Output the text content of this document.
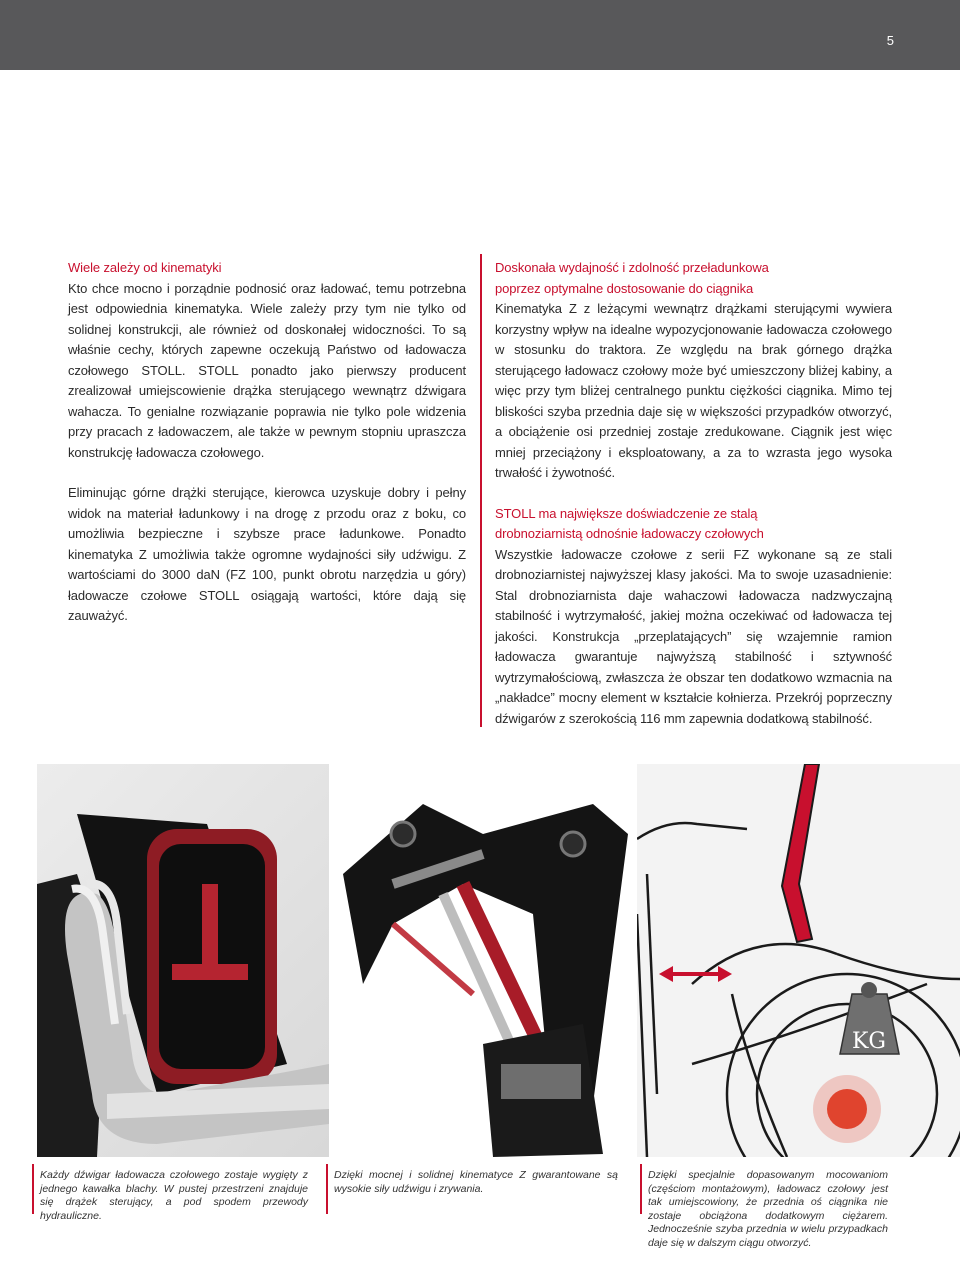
5

Wiele zależy od kinematyki

Kto chce mocno i porządnie podnosić oraz ładować, temu potrzebna jest odpowiednia kinematyka. Wiele zależy przy tym nie tylko od solidnej konstrukcji, ale również od doskonałej widoczności. To są właśnie cechy, których zapewne oczekują Państwo od ładowacza czołowego STOLL. STOLL ponadto jako pierwszy producent zrealizował umiejscowienie drążka sterującego wewnątrz dźwigara wahacza. To genialne rozwiązanie poprawia nie tylko pole widzenia przy pracach z ładowaczem, ale także w pewnym stopniu upraszcza konstrukcję ładowacza czołowego.

Eliminując górne drążki sterujące, kierowca uzyskuje dobry i pełny widok na materiał ładunkowy i na drogę z przodu oraz z boku, co umożliwia bezpieczne i szybsze prace ładunkowe. Ponadto kinematyka Z umożliwia także ogromne wydajności siły udźwigu. Z wartościami do 3000 daN (FZ 100, punkt obrotu narzędzia u góry) ładowacze czołowe STOLL osiągają wartości, które dają się zauważyć.

Doskonała wydajność i zdolność przeładunkowa

poprzez optymalne dostosowanie do ciągnika

Kinematyka Z z leżącymi wewnątrz drążkami sterującymi wywiera korzystny wpływ na idealne wypozycjonowanie ładowacza czołowego w stosunku do traktora. Ze względu na brak górnego drążka sterującego ładowacz czołowy może być umieszczony bliżej kabiny, a więc przy tym bliżej centralnego punktu ciężkości ciągnika. Mimo tej bliskości szyba przednia daje się w większości przypadków otworzyć, a obciążenie osi przedniej zostaje zredukowane. Ciągnik jest więc mniej przeciążony i eksploatowany, a za to wzrasta jego wysoka trwałość i żywotność.

STOLL ma największe doświadczenie ze stalą

drobnoziarnistą odnośnie ładowaczy czołowych

Wszystkie ładowacze czołowe z serii FZ wykonane są ze stali drobnoziarnistej najwyższej klasy jakości. Ma to swoje uzasadnienie: Stal drobnoziarnista daje wahaczowi ładowacza nadzwyczajną stabilność i wytrzymałość, jakiej można oczekiwać od ładowacza tej jakości. Konstrukcja „przeplatających” się wzajemnie ramion ładowacza gwarantuje najwyższą stabilność i sztywność wytrzymałościową, zwłaszcza że obszar ten dodatkowo wzmacnia na „nakładce” mocny element w kształcie kołnierza. Przekrój poprzeczny dźwigarów z szerokością 116 mm zapewnia dodatkową stabilność.

KG
Każdy dźwigar ładowacza czołowego zostaje wygięty z jednego kawałka blachy. W pustej przestrzeni znajduje się drążek sterujący, a pod spodem przewody hydrauliczne.
Dzięki mocnej i solidnej kinematyce Z gwarantowane są wysokie siły udźwigu i zrywania.
Dzięki specjalnie dopasowanym mocowaniom (częściom montażowym), ładowacz czołowy jest tak umiejscowiony, że przednia oś ciągnika nie zostaje obciążona dodatkowym ciężarem. Jednocześnie szyba przednia w wielu przypadkach daje się w dalszym ciągu otworzyć.
